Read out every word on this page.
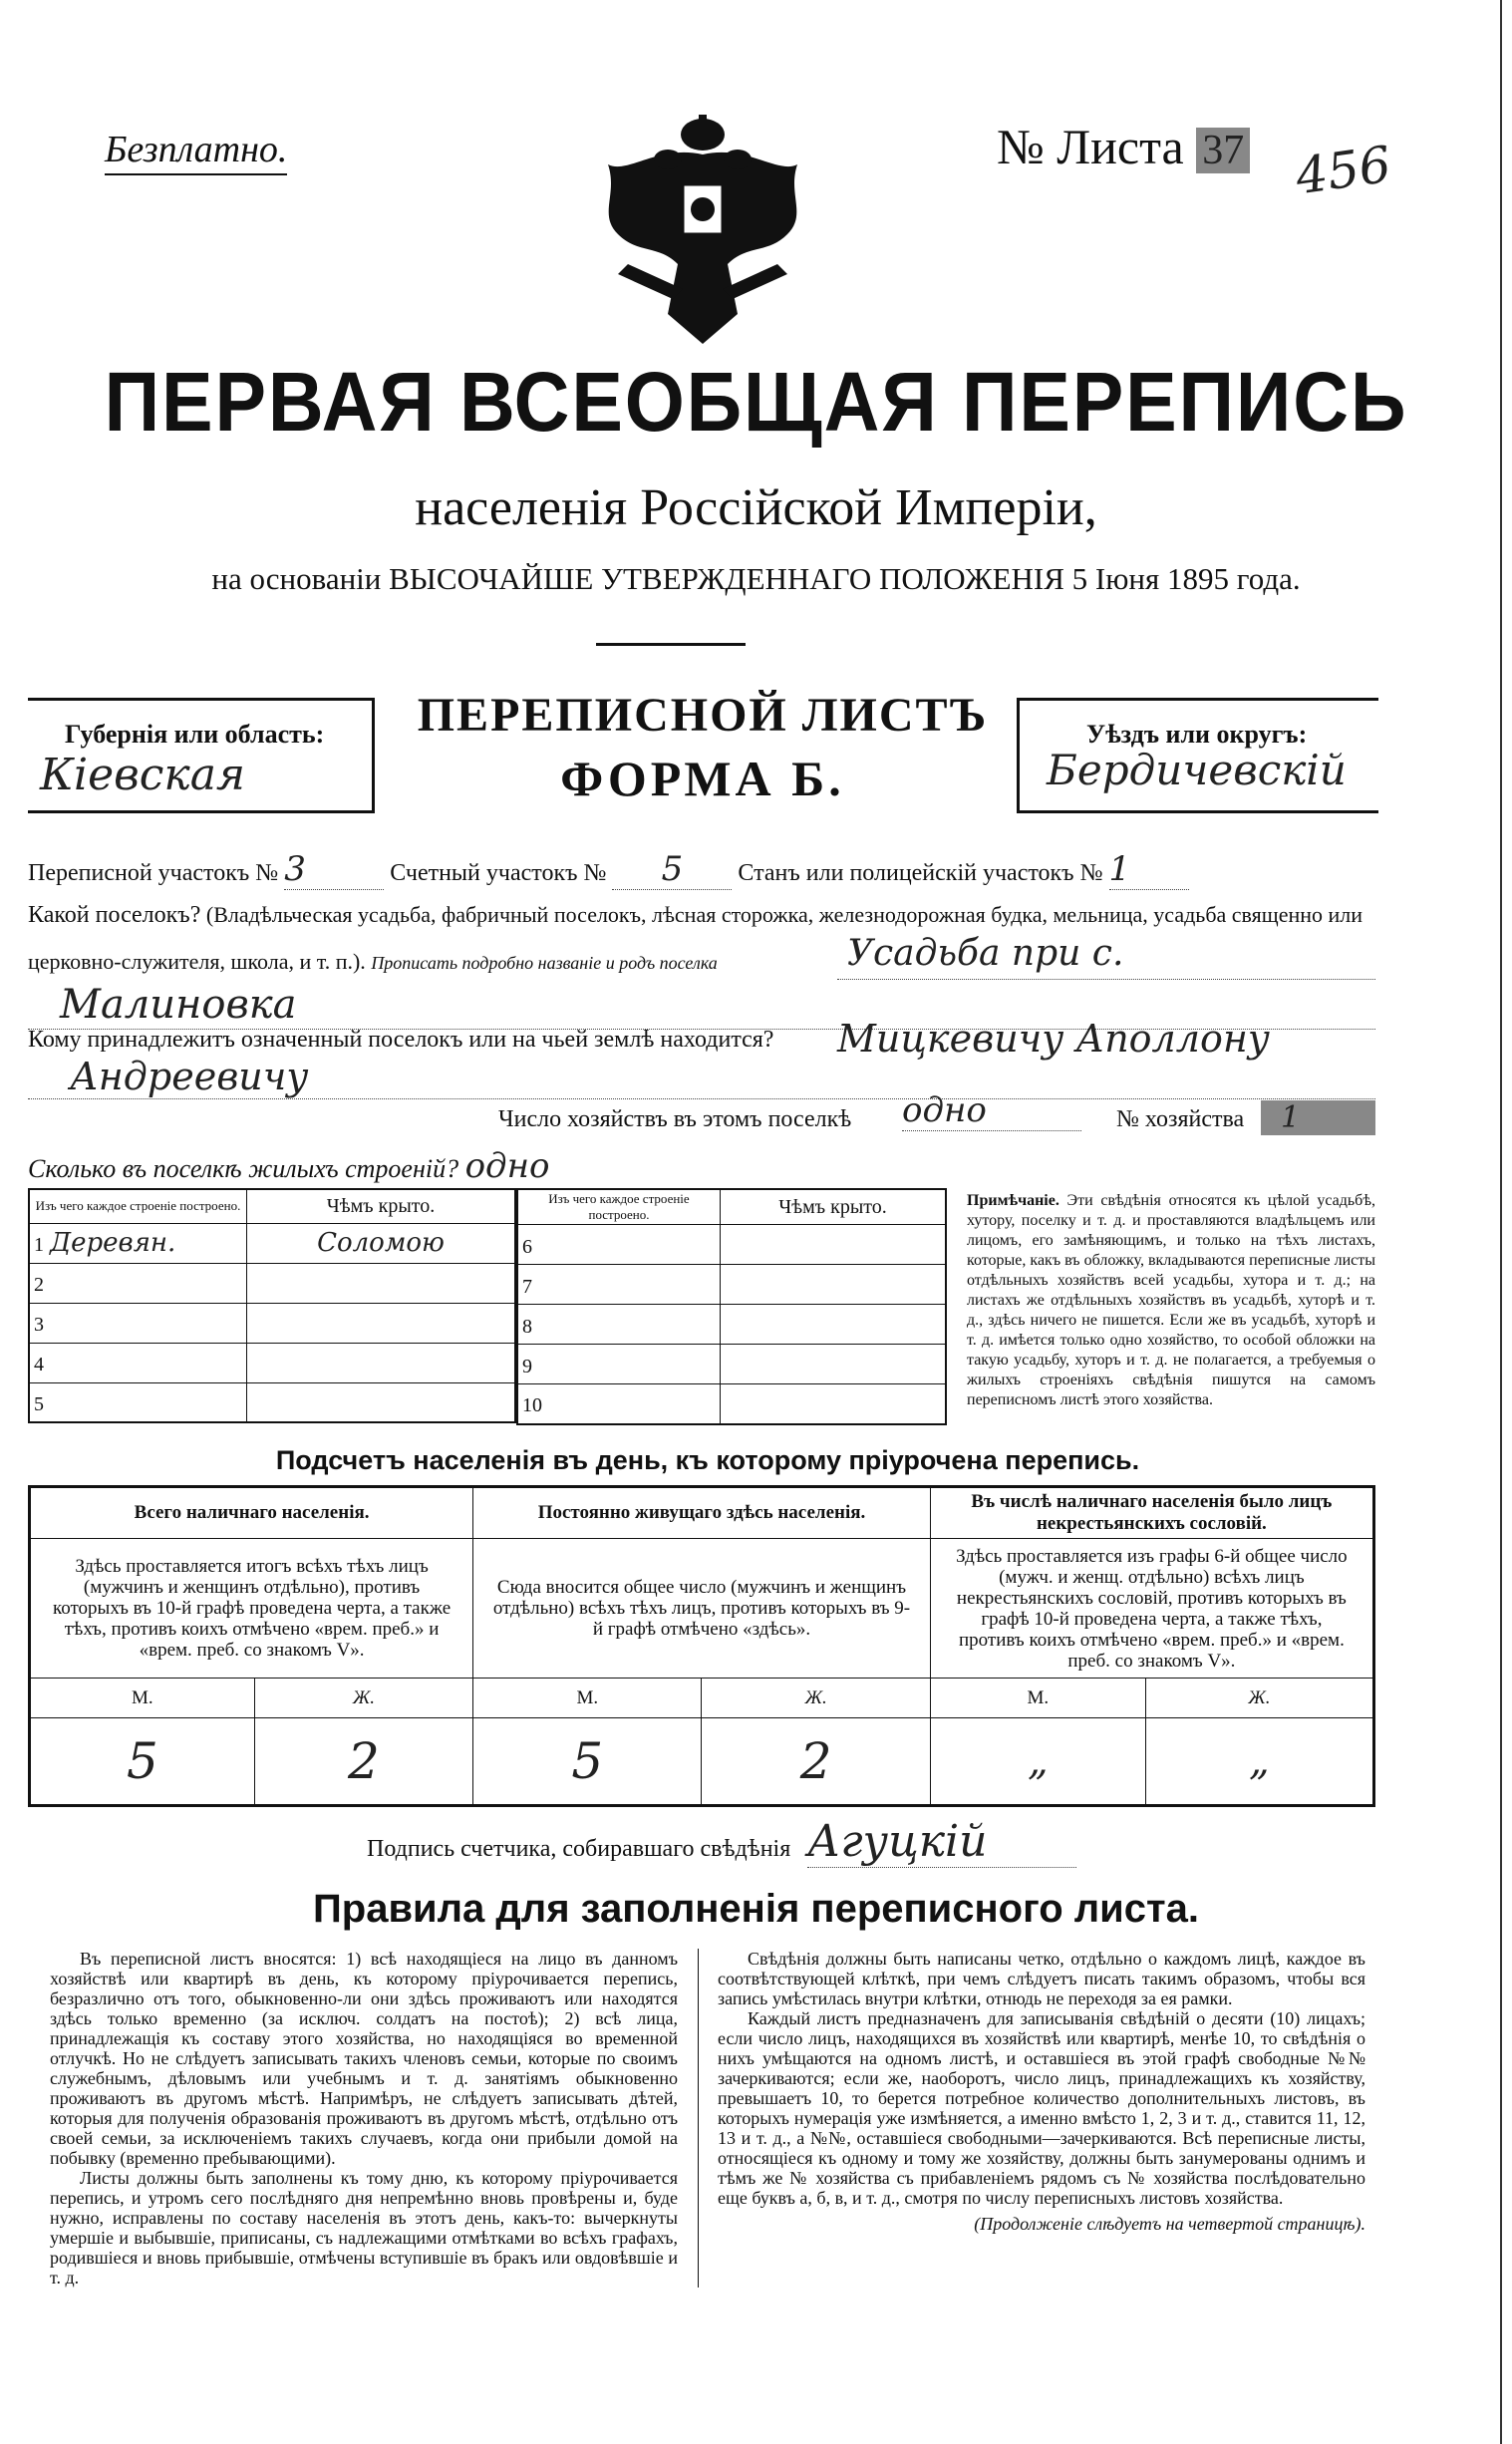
Безплатно.	№ Листа 37 456
ПЕРВАЯ ВСЕОБЩАЯ ПЕРЕПИСЬ
населенія Россійской Имперіи,
на основаніи ВЫСОЧАЙШЕ УТВЕРЖДЕННАГО ПОЛОЖЕНІЯ 5 Іюня 1895 года.
Губернія или область:
Кіевская
ПЕРЕПИСНОЙ ЛИСТЪ
ФОРМА Б.
Уѣздъ или округъ:
Бердичевскій
Переписной участокъ № 3	Счетный участокъ № 5 Станъ или полицейскій участокъ № 1
Какой поселокъ? (Владѣльческая усадьба, фабричный поселокъ, лѣсная сторожка, железнодорожная будка, мельница, усадьба священно или
церковно-служителя, школа, и т. п.). Прописать подробно названіе и родъ поселка	Усадьба при с.
Малиновка
Кому принадлежитъ означенный поселокъ или на чьей землѣ находится? Мицкевичу Аполлону
Андреевичу
Число хозяйствъ въ этомъ поселкѣ одно	№ хозяйства	1
Сколько въ поселкѣ жилыхъ строеній? одно
Изъ чего каждое строеніе построено.	Чѣмъ крыто.
1 Деревян.	Соломою
2	
3	
4	
5	
Изъ чего каждое строеніе построено.	Чѣмъ крыто.
6	
7	
8	
9	
10	
Примѣчаніе. Эти свѣдѣнія относятся къ цѣлой усадьбѣ, хутору, поселку и т. д. и проставляются владѣльцемъ или лицомъ, его замѣняющимъ, и только на тѣхъ листахъ, которые, какъ въ обложку, вкладываются переписные листы отдѣльныхъ хозяйствъ всей усадьбы, хутора и т. д.; на листахъ же отдѣльныхъ хозяйствъ въ усадьбѣ, хуторѣ и т. д., здѣсь ничего не пишется. Если же въ усадьбѣ, хуторѣ и т. д. имѣется только одно хозяйство, то особой обложки на такую усадьбу, хуторъ и т. д. не полагается, а требуемыя о жилыхъ строеніяхъ свѣдѣнія пишутся на самомъ переписномъ листѣ этого хозяйства.
Подсчетъ населенія въ день, къ которому пріурочена перепись.
Всего наличнаго населенія.		Постоянно живущаго здѣсь населенія.		Въ числѣ наличнаго населенія было лицъ некрестьянскихъ сословій.	
Здѣсь проставляется итогъ всѣхъ тѣхъ лицъ (мужчинъ и женщинъ отдѣльно), противъ которыхъ въ 10-й графѣ проведена черта, а также тѣхъ, противъ коихъ отмѣчено «врем. преб.» и «врем. преб. со знакомъ V».		Сюда вносится общее число (мужчинъ и женщинъ отдѣльно) всѣхъ тѣхъ лицъ, противъ которыхъ въ 9-й графѣ отмѣчено «здѣсь».		Здѣсь проставляется изъ графы 6-й общее число (мужч. и женщ. отдѣльно) всѣхъ лицъ некрестьянскихъ сословій, противъ которыхъ въ графѣ 10-й проведена черта, а также тѣхъ, противъ коихъ отмѣчено «врем. преб.» и «врем. преб. со знакомъ V».	
М.	Ж.	М.	Ж.	М.	Ж.
5	2	5	2	„	„
Подпись счетчика, собиравшаго свѣдѣнія Агуцкій
Правила для заполненія переписного листа.

Въ переписной листъ вносятся: 1) всѣ находящіеся на лицо въ данномъ хозяйствѣ или квартирѣ въ день, къ которому пріурочивается перепись, безразлично отъ того, обыкновенно-ли они здѣсь проживаютъ или находятся здѣсь только временно (за исключ. солдатъ на постоѣ); 2) всѣ лица, принадлежащія къ составу этого хозяйства, но находящіяся во временной отлучкѣ. Но не слѣдуетъ записывать такихъ членовъ семьи, которые по своимъ служебнымъ, дѣловымъ или учебнымъ и т. д. занятіямъ обыкновенно проживаютъ въ другомъ мѣстѣ. Напримѣръ, не слѣдуетъ записывать дѣтей, которыя для полученія образованія проживаютъ въ другомъ мѣстѣ, отдѣльно отъ своей семьи, за исключеніемъ такихъ случаевъ, когда они прибыли домой на побывку (временно пребывающими).

Листы должны быть заполнены къ тому дню, къ которому пріурочивается перепись, и утромъ сего послѣдняго дня непремѣнно вновь провѣрены и, буде нужно, исправлены по составу населенія въ этотъ день, какъ-то: вычеркнуты умершіе и выбывшіе, приписаны, съ надлежащими отмѣтками во всѣхъ графахъ, родившіеся и вновь прибывшіе, отмѣчены вступившіе въ бракъ или овдовѣвшіе и т. д.

Свѣдѣнія должны быть написаны четко, отдѣльно о каждомъ лицѣ, каждое въ соотвѣтствующей клѣткѣ, при чемъ слѣдуетъ писать такимъ образомъ, чтобы вся запись умѣстилась внутри клѣтки, отнюдь не переходя за ея рамки.

Каждый листъ предназначенъ для записыванія свѣдѣній о десяти (10) лицахъ; если число лицъ, находящихся въ хозяйствѣ или квартирѣ, менѣе 10, то свѣдѣнія о нихъ умѣщаются на одномъ листѣ, и оставшіеся въ этой графѣ свободные №№ зачеркиваются; если же, наоборотъ, число лицъ, принадлежащихъ къ хозяйству, превышаетъ 10, то берется потребное количество дополнительныхъ листовъ, въ которыхъ нумерація уже измѣняется, а именно вмѣсто 1, 2, 3 и т. д., ставится 11, 12, 13 и т. д., а №№, оставшіеся свободными—зачеркиваются. Всѣ переписные листы, относящіеся къ одному и тому же хозяйству, должны быть занумерованы однимъ и тѣмъ же № хозяйства съ прибавленіемъ рядомъ съ № хозяйства послѣдовательно еще буквъ а, б, в, и т. д., смотря по числу переписныхъ листовъ хозяйства.

(Продолженіе слѣдуетъ на четвертой страницѣ).
